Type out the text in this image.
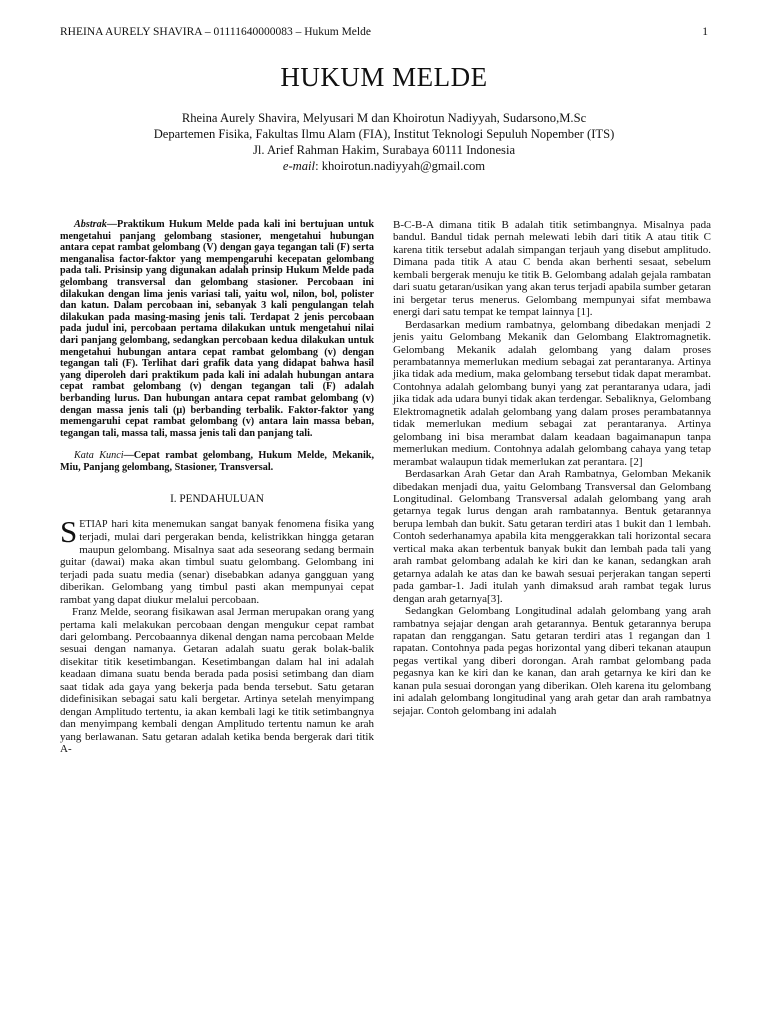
RHEINA AURELY SHAVIRA – 01111640000083 – Hukum Melde	1
HUKUM MELDE
Rheina Aurely Shavira, Melyusari M dan Khoirotun Nadiyyah, Sudarsono,M.Sc
Departemen Fisika, Fakultas Ilmu Alam (FIA), Institut Teknologi Sepuluh Nopember (ITS)
Jl. Arief Rahman Hakim, Surabaya 60111 Indonesia
e-mail: khoirotun.nadiyyah@gmail.com

Abstrak—Praktikum Hukum Melde pada kali ini bertujuan untuk mengetahui panjang gelombang stasioner, mengetahui hubungan antara cepat rambat gelombang (V) dengan gaya tegangan tali (F) serta menganalisa factor-faktor yang mempengaruhi kecepatan gelombang pada tali. Prisinsip yang digunakan adalah prinsip Hukum Melde pada gelombang transversal dan gelombang stasioner. Percobaan ini dilakukan dengan lima jenis variasi tali, yaitu wol, nilon, bol, polister dan katun. Dalam percobaan ini, sebanyak 3 kali pengulangan telah dilakukan pada masing-masing jenis tali. Terdapat 2 jenis percobaan pada judul ini, percobaan pertama dilakukan untuk mengetahui nilai dari panjang gelombang, sedangkan percobaan kedua dilakukan untuk mengetahui hubungan antara cepat rambat gelombang (v) dengan tegangan tali (F). Terlihat dari grafik data yang didapat bahwa hasil yang diperoleh dari praktikum pada kali ini adalah hubungan antara cepat rambat gelombang (v) dengan tegangan tali (F) adalah berbanding lurus. Dan hubungan antara cepat rambat gelombang (v) dengan massa jenis tali (μ) berbanding terbalik. Faktor-faktor yang memengaruhi cepat rambat gelombang (v) antara lain massa beban, tegangan tali, massa tali, massa jenis tali dan panjang tali.

Kata Kunci—Cepat rambat gelombang, Hukum Melde, Mekanik, Miu, Panjang gelombang, Stasioner, Transversal.

I. PENDAHULUAN

SETIAP hari kita menemukan sangat banyak fenomena fisika yang terjadi, mulai dari pergerakan benda, kelistrikkan hingga getaran maupun gelombang. Misalnya saat ada seseorang sedang bermain guitar (dawai) maka akan timbul suatu gelombang. Gelombang ini terjadi pada suatu media (senar) disebabkan adanya gangguan yang diberikan. Gelombang yang timbul pasti akan mempunyai cepat rambat yang dapat diukur melalui percobaan.

Franz Melde, seorang fisikawan asal Jerman merupakan orang yang pertama kali melakukan percobaan dengan mengukur cepat rambat dari gelombang. Percobaannya dikenal dengan nama percobaan Melde sesuai dengan namanya. Getaran adalah suatu gerak bolak-balik disekitar titik kesetimbangan. Kesetimbangan dalam hal ini adalah keadaan dimana suatu benda berada pada posisi setimbang dan diam saat tidak ada gaya yang bekerja pada benda tersebut. Satu getaran didefinisikan sebagai satu kali bergetar. Artinya setelah menyimpang dengan Amplitudo tertentu, ia akan kembali lagi ke titik setimbangnya dan menyimpang kembali dengan Amplitudo tertentu namun ke arah yang berlawanan. Satu getaran adalah ketika benda bergerak dari titik A-

B-C-B-A dimana titik B adalah titik setimbangnya. Misalnya pada bandul. Bandul tidak pernah melewati lebih dari titik A atau titik C karena titik tersebut adalah simpangan terjauh yang disebut amplitudo. Dimana pada titik A atau C benda akan berhenti sesaat, sebelum kembali bergerak menuju ke titik B. Gelombang adalah gejala rambatan dari suatu getaran/usikan yang akan terus terjadi apabila sumber getaran ini bergetar terus menerus. Gelombang mempunyai sifat membawa energi dari satu tempat ke tempat lainnya [1].

Berdasarkan medium rambatnya, gelombang dibedakan menjadi 2 jenis yaitu Gelombang Mekanik dan Gelombang Elaktromagnetik. Gelombang Mekanik adalah gelombang yang dalam proses perambatannya memerlukan medium sebagai zat perantaranya. Artinya jika tidak ada medium, maka gelombang tersebut tidak dapat merambat. Contohnya adalah gelombang bunyi yang zat perantaranya udara, jadi jika tidak ada udara bunyi tidak akan terdengar. Sebaliknya, Gelombang Elektromagnetik adalah gelombang yang dalam proses perambatannya tidak memerlukan medium sebagai zat perantaranya. Artinya gelombang ini bisa merambat dalam keadaan bagaimanapun tanpa memerlukan medium. Contohnya adalah gelombang cahaya yang tetap merambat walaupun tidak memerlukan zat perantara. [2]

Berdasarkan Arah Getar dan Arah Rambatnya, Gelomban Mekanik dibedakan menjadi dua, yaitu Gelombang Transversal dan Gelombang Longitudinal. Gelombang Transversal adalah gelombang yang arah getarnya tegak lurus dengan arah rambatannya. Bentuk getarannya berupa lembah dan bukit. Satu getaran terdiri atas 1 bukit dan 1 lembah. Contoh sederhanamya apabila kita menggerakkan tali horizontal secara vertical maka akan terbentuk banyak bukit dan lembah pada tali yang arah rambat gelombang adalah ke kiri dan ke kanan, sedangkan arah getarnya adalah ke atas dan ke bawah sesuai perjerakan tangan seperti pada gambar-1. Jadi itulah yanh dimaksud arah rambat tegak lurus dengan arah getarnya[3].

Sedangkan Gelombang Longitudinal adalah gelombang yang arah rambatnya sejajar dengan arah getarannya. Bentuk getarannya berupa rapatan dan renggangan. Satu getaran terdiri atas 1 regangan dan 1 rapatan. Contohnya pada pegas horizontal yang diberi tekanan ataupun pegas vertikal yang diberi dorongan. Arah rambat gelombang pada pegasnya kan ke kiri dan ke kanan, dan arah getarnya ke kiri dan ke kanan pula sesuai dorongan yang diberikan. Oleh karena itu gelombang ini adalah gelombang longitudinal yang arah getar dan arah rambatnya sejajar. Contoh gelombang ini adalah
